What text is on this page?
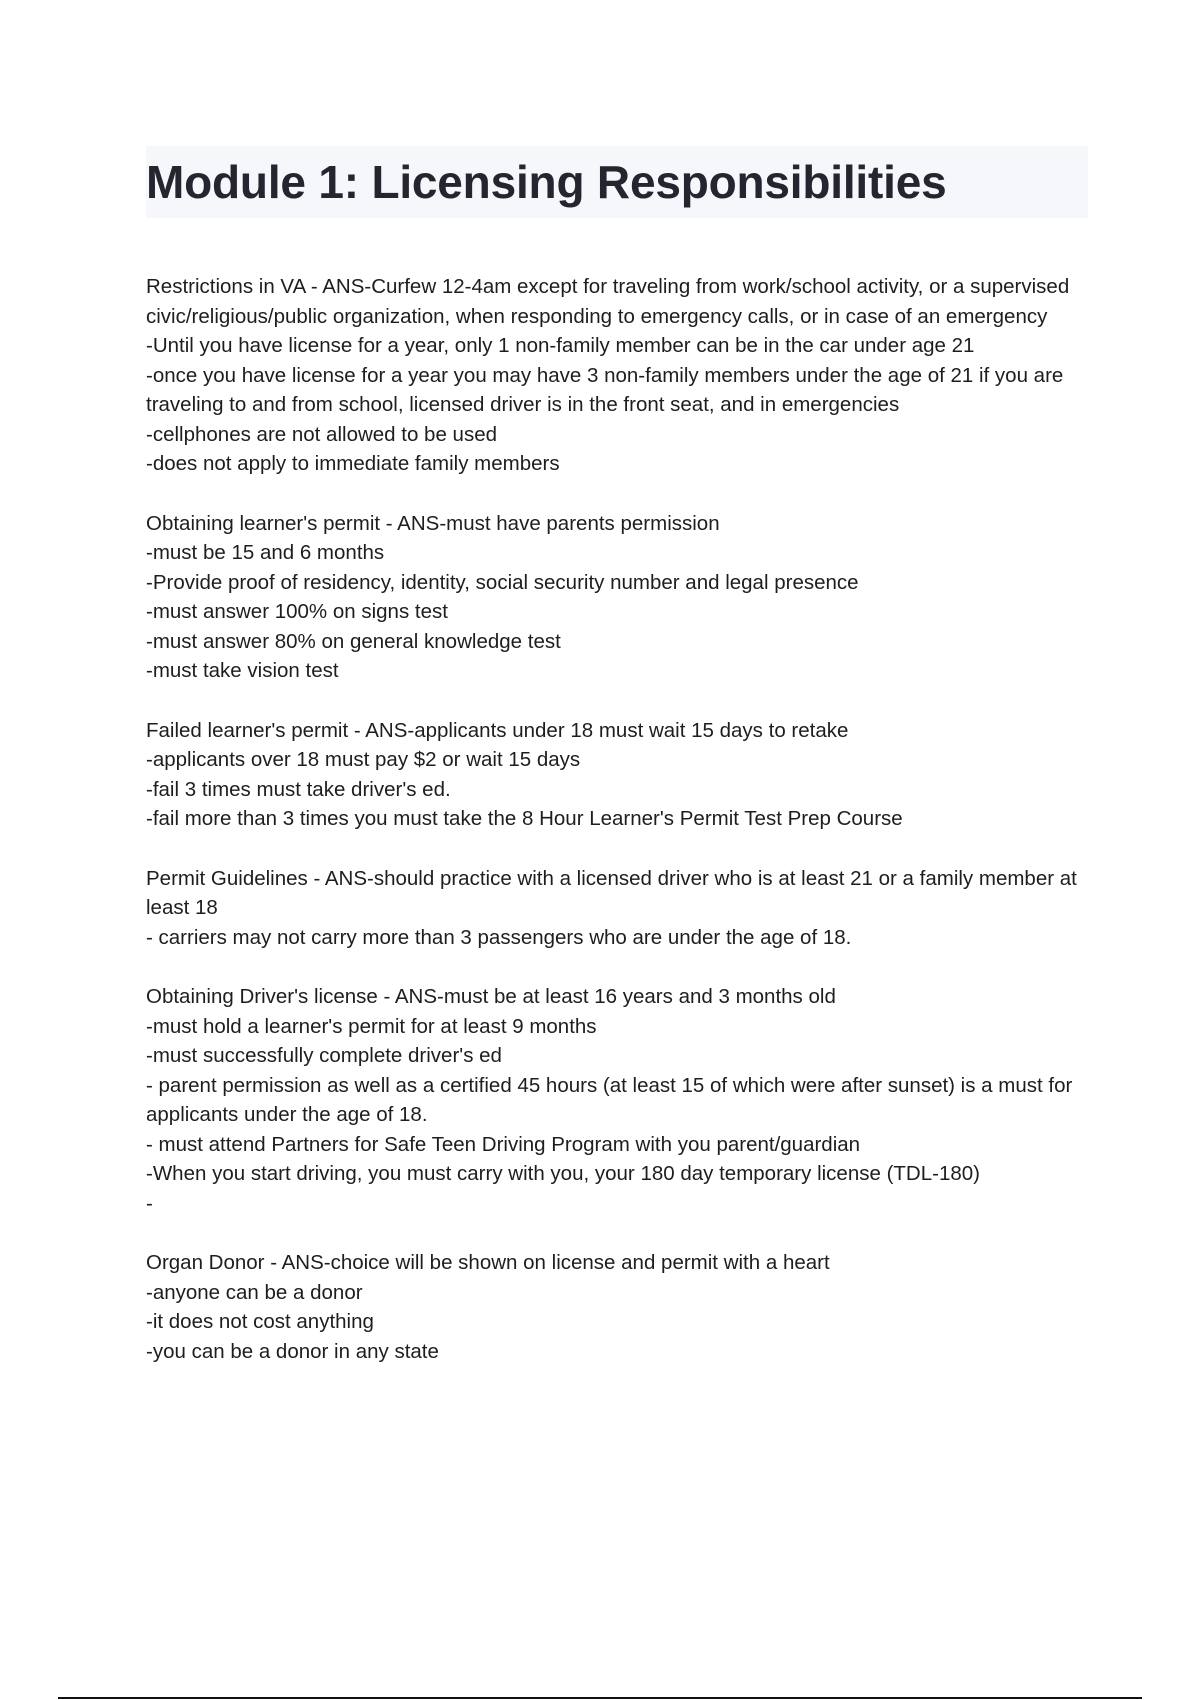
Module 1: Licensing Responsibilities
Restrictions in VA - ANS-Curfew 12-4am except for traveling from work/school activity, or a supervised civic/religious/public organization, when responding to emergency calls, or in case of an emergency
-Until you have license for a year, only 1 non-family member can be in the car under age 21
-once you have license for a year you may have 3 non-family members under the age of 21 if you are traveling to and from school, licensed driver is in the front seat, and in emergencies
-cellphones are not allowed to be used
-does not apply to immediate family members
Obtaining learner's permit - ANS-must have parents permission
-must be 15 and 6 months
-Provide proof of residency, identity, social security number and legal presence
-must answer 100% on signs test
-must answer 80% on general knowledge test
-must take vision test
Failed learner's permit - ANS-applicants under 18 must wait 15 days to retake
-applicants over 18 must pay $2 or wait 15 days
-fail 3 times must take driver's ed.
-fail more than 3 times you must take the 8 Hour Learner's Permit Test Prep Course
Permit Guidelines - ANS-should practice with a licensed driver who is at least 21 or a family member at least 18
- carriers may not carry more than 3 passengers who are under the age of 18.
Obtaining Driver's license - ANS-must be at least 16 years and 3 months old
-must hold a learner's permit for at least 9 months
-must successfully complete driver's ed
- parent permission as well as a certified 45 hours (at least 15 of which were after sunset) is a must for applicants under the age of 18.
- must attend Partners for Safe Teen Driving Program with you parent/guardian
-When you start driving, you must carry with you, your 180 day temporary license (TDL-180)
-
Organ Donor - ANS-choice will be shown on license and permit with a heart
-anyone can be a donor
-it does not cost anything
-you can be a donor in any state
